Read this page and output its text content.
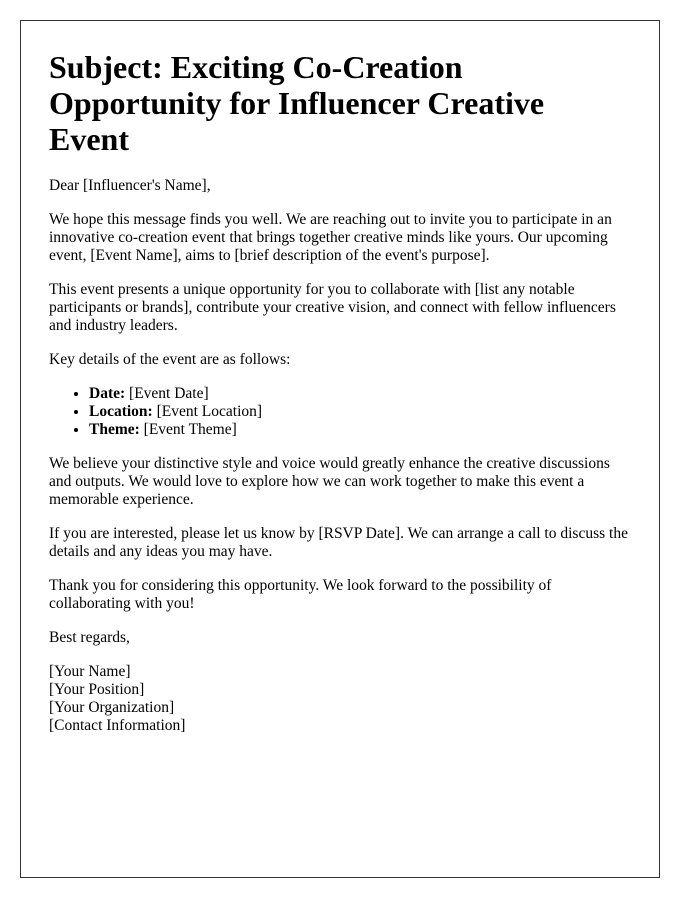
Subject: Exciting Co-Creation Opportunity for Influencer Creative Event

Dear [Influencer's Name],

We hope this message finds you well. We are reaching out to invite you to participate in an innovative co-creation event that brings together creative minds like yours. Our upcoming event, [Event Name], aims to [brief description of the event's purpose].

This event presents a unique opportunity for you to collaborate with [list any notable participants or brands], contribute your creative vision, and connect with fellow influencers and industry leaders.

Key details of the event are as follows:

• Date: [Event Date]
• Location: [Event Location]
• Theme: [Event Theme]

We believe your distinctive style and voice would greatly enhance the creative discussions and outputs. We would love to explore how we can work together to make this event a memorable experience.

If you are interested, please let us know by [RSVP Date]. We can arrange a call to discuss the details and any ideas you may have.

Thank you for considering this opportunity. We look forward to the possibility of collaborating with you!

Best regards,

[Your Name]
[Your Position]
[Your Organization]
[Contact Information]
